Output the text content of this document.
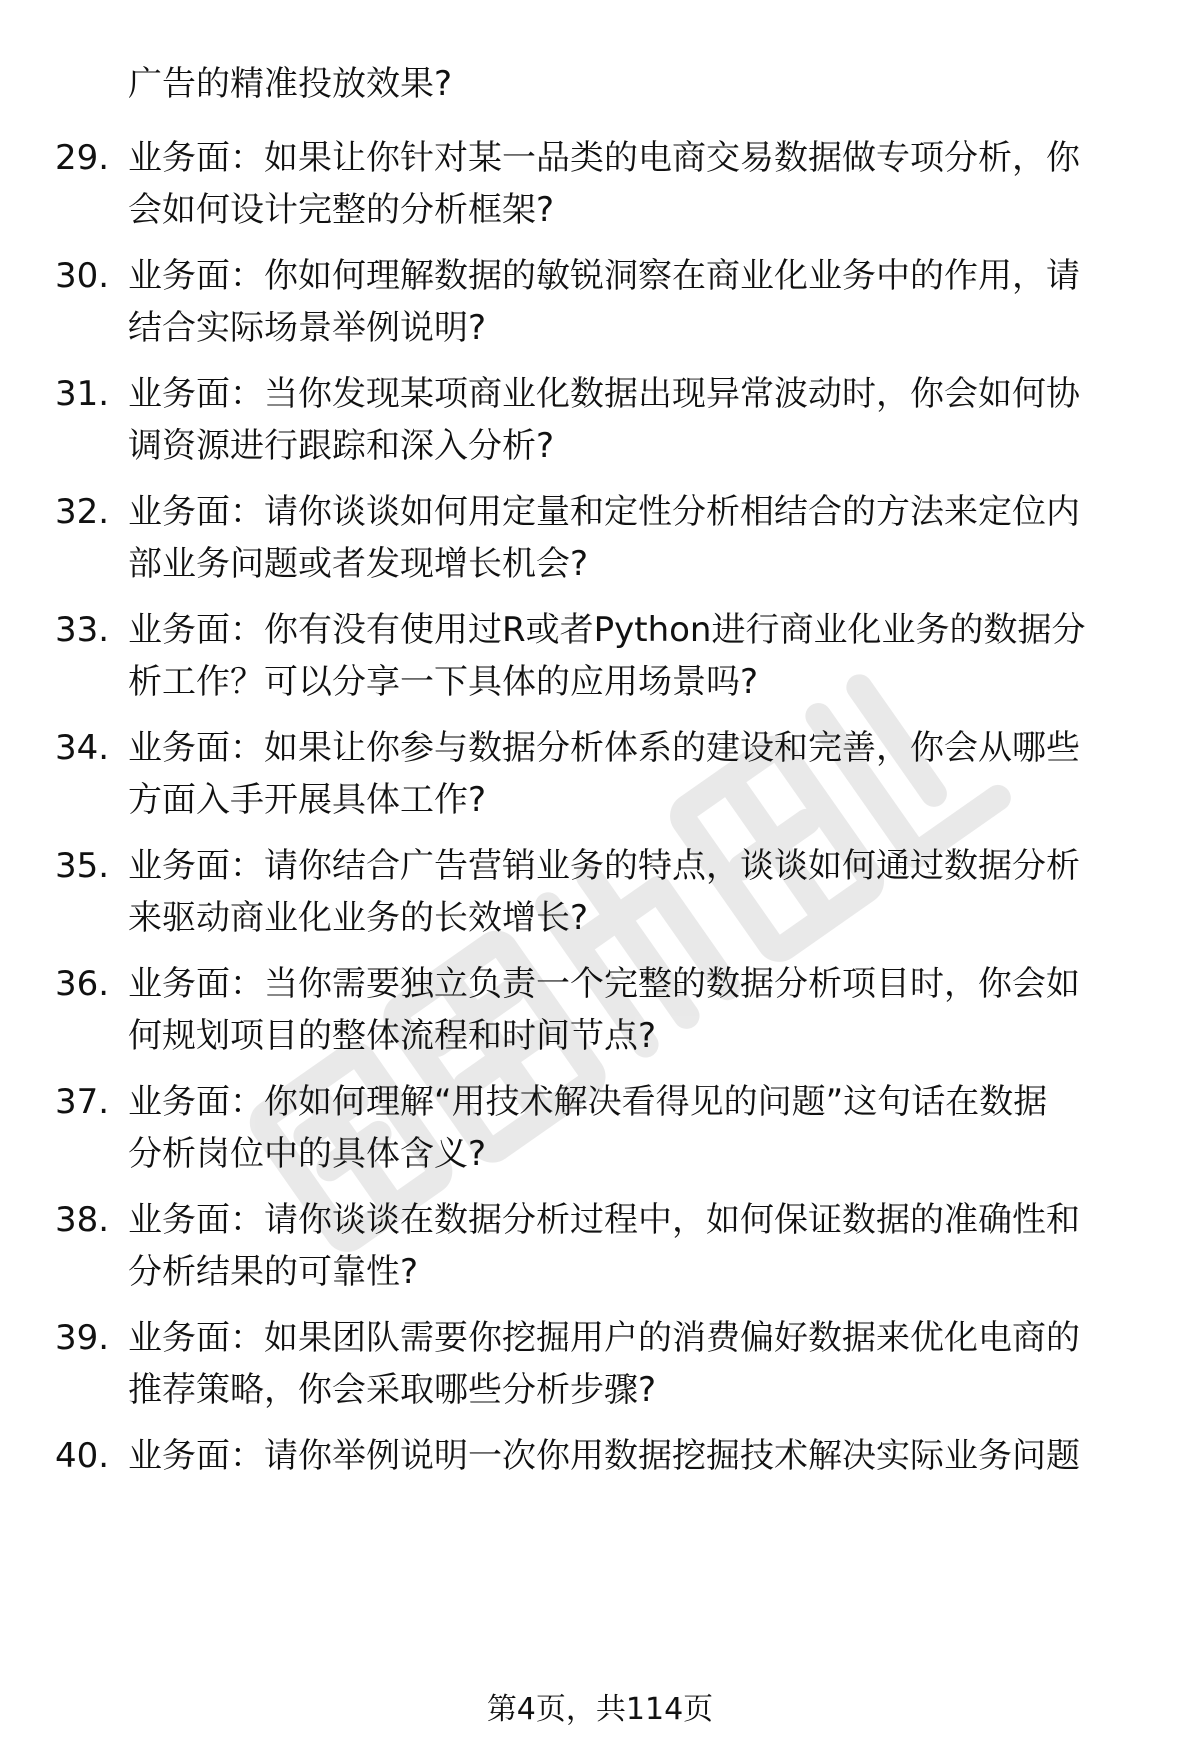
广告的精准投放效果?
29. 业务面：如果让你针对某一品类的电商交易数据做专项分析，你
会如何设计完整的分析框架?
30. 业务面：你如何理解数据的敏锐洞察在商业化业务中的作用，请
结合实际场景举例说明?
31. 业务面：当你发现某项商业化数据出现异常波动时，你会如何协
调资源进行跟踪和深入分析?
32. 业务面：请你谈谈如何用定量和定性分析相结合的方法来定位内
部业务问题或者发现增长机会?
33. 业务面：你有没有使用过R或者Python进行商业化业务的数据分
析工作？可以分享一下具体的应用场景吗?
34. 业务面：如果让你参与数据分析体系的建设和完善，你会从哪些
方面入手开展具体工作?
35. 业务面：请你结合广告营销业务的特点，谈谈如何通过数据分析
来驱动商业化业务的长效增长?
36. 业务面：当你需要独立负责一个完整的数据分析项目时，你会如
何规划项目的整体流程和时间节点?
37. 业务面：你如何理解“用技术解决看得见的问题”这句话在数据
分析岗位中的具体含义?
38. 业务面：请你谈谈在数据分析过程中，如何保证数据的准确性和
分析结果的可靠性?
39. 业务面：如果团队需要你挖掘用户的消费偏好数据来优化电商的
推荐策略，你会采取哪些分析步骤?
40. 业务面：请你举例说明一次你用数据挖掘技术解决实际业务问题
第4页，共114页
